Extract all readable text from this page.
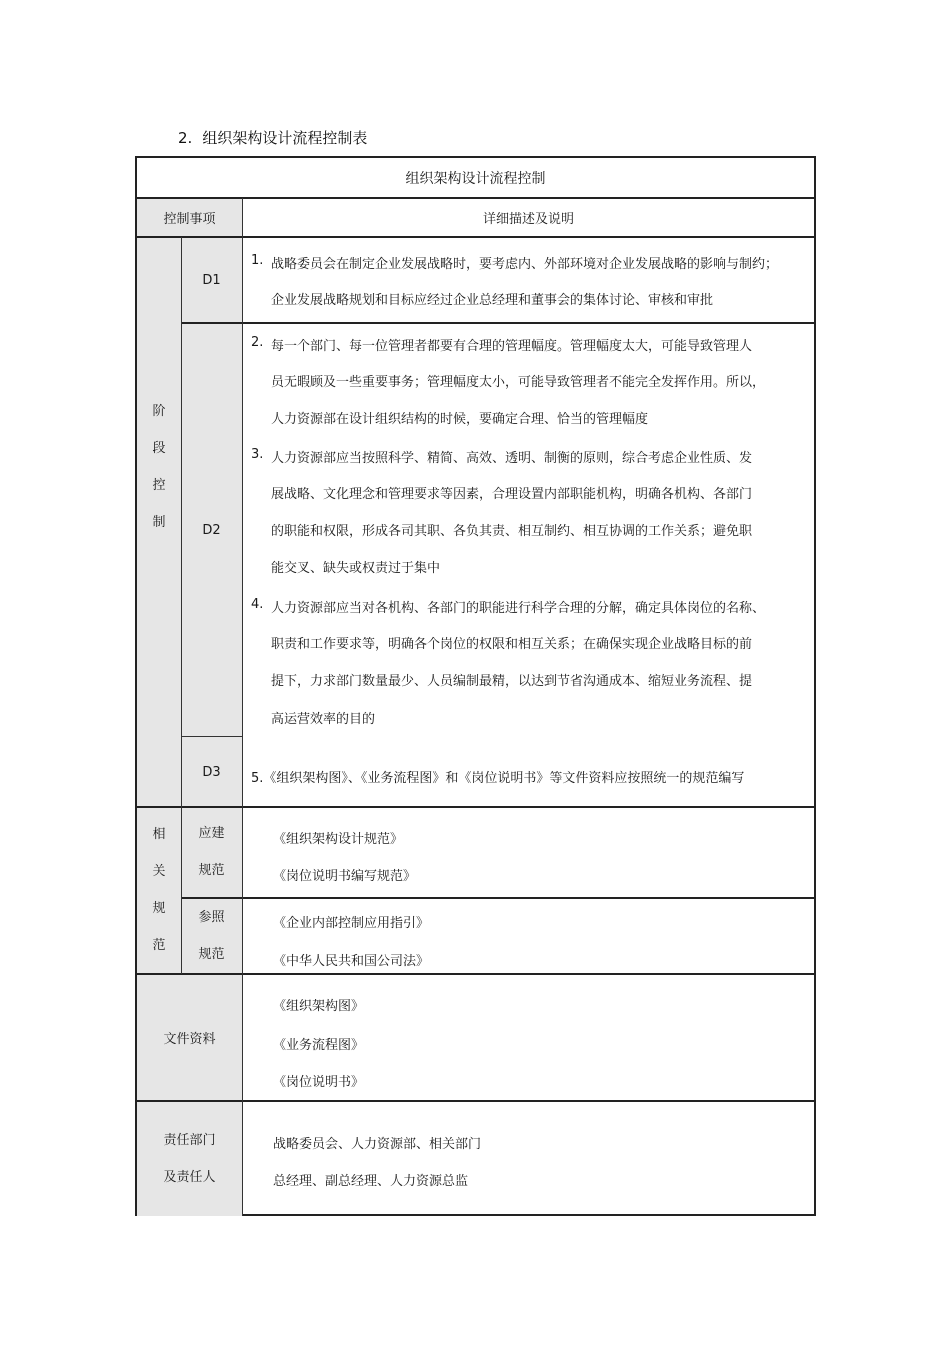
2. 组织架构设计流程控制表
组织架构设计流程控制
控制事项	详细描述及说明
阶
段
控
制
D1
D2
D3
1. 战略委员会在制定企业发展战略时，要考虑内、外部环境对企业发展战略的影响与制约；
企业发展战略规划和目标应经过企业总经理和董事会的集体讨论、审核和审批
2. 每一个部门、每一位管理者都要有合理的管理幅度。管理幅度太大，可能导致管理人
员无暇顾及一些重要事务；管理幅度太小，可能导致管理者不能完全发挥作用。所以，
人力资源部在设计组织结构的时候，要确定合理、恰当的管理幅度
3. 人力资源部应当按照科学、精简、高效、透明、制衡的原则，综合考虑企业性质、发
展战略、文化理念和管理要求等因素，合理设置内部职能机构，明确各机构、各部门
的职能和权限，形成各司其职、各负其责、相互制约、相互协调的工作关系；避免职
能交叉、缺失或权责过于集中
4. 人力资源部应当对各机构、各部门的职能进行科学合理的分解，确定具体岗位的名称、
职责和工作要求等，明确各个岗位的权限和相互关系；在确保实现企业战略目标的前
提下，力求部门数量最少、人员编制最精，以达到节省沟通成本、缩短业务流程、提
高运营效率的目的
5.《组织架构图》、《业务流程图》和《岗位说明书》等文件资料应按照统一的规范编写
相
关
规
范
应建
规范
参照
规范
《组织架构设计规范》
《岗位说明书编写规范》
《企业内部控制应用指引》
《中华人民共和国公司法》
文件资料
《组织架构图》
《业务流程图》
《岗位说明书》
责任部门
及责任人
战略委员会、人力资源部、相关部门
总经理、副总经理、人力资源总监
